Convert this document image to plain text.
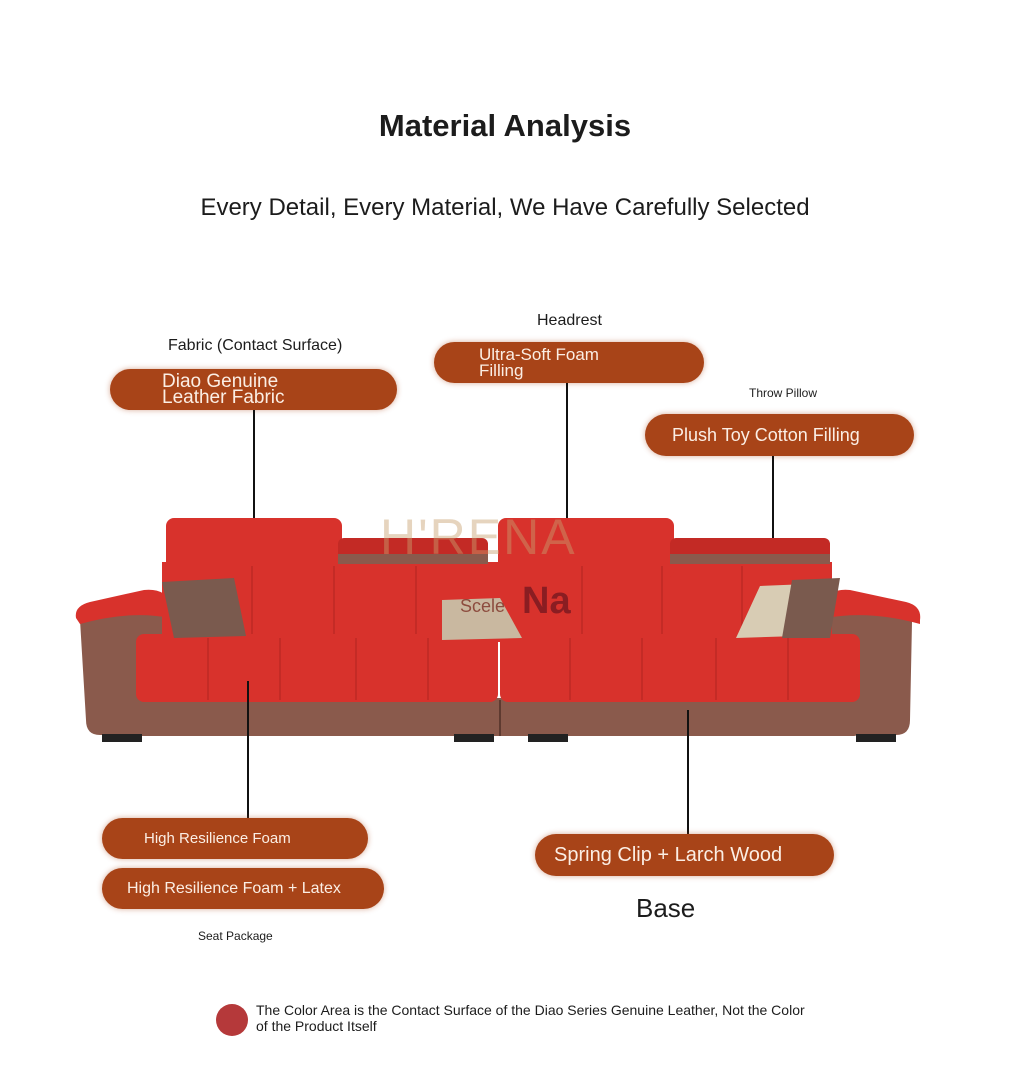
Material Analysis
Every Detail, Every Material, We Have Carefully Selected
Fabric (Contact Surface)
Diao Genuine
Leather Fabric
Headrest
Ultra-Soft Foam
Filling
Throw Pillow
Plush Toy Cotton Filling
H'RENA
Scele Na
High Resilience Foam
High Resilience Foam + Latex
Seat Package
Spring Clip + Larch Wood
Base
The Color Area is the Contact Surface of the Diao Series Genuine Leather, Not the Color of the Product Itself
